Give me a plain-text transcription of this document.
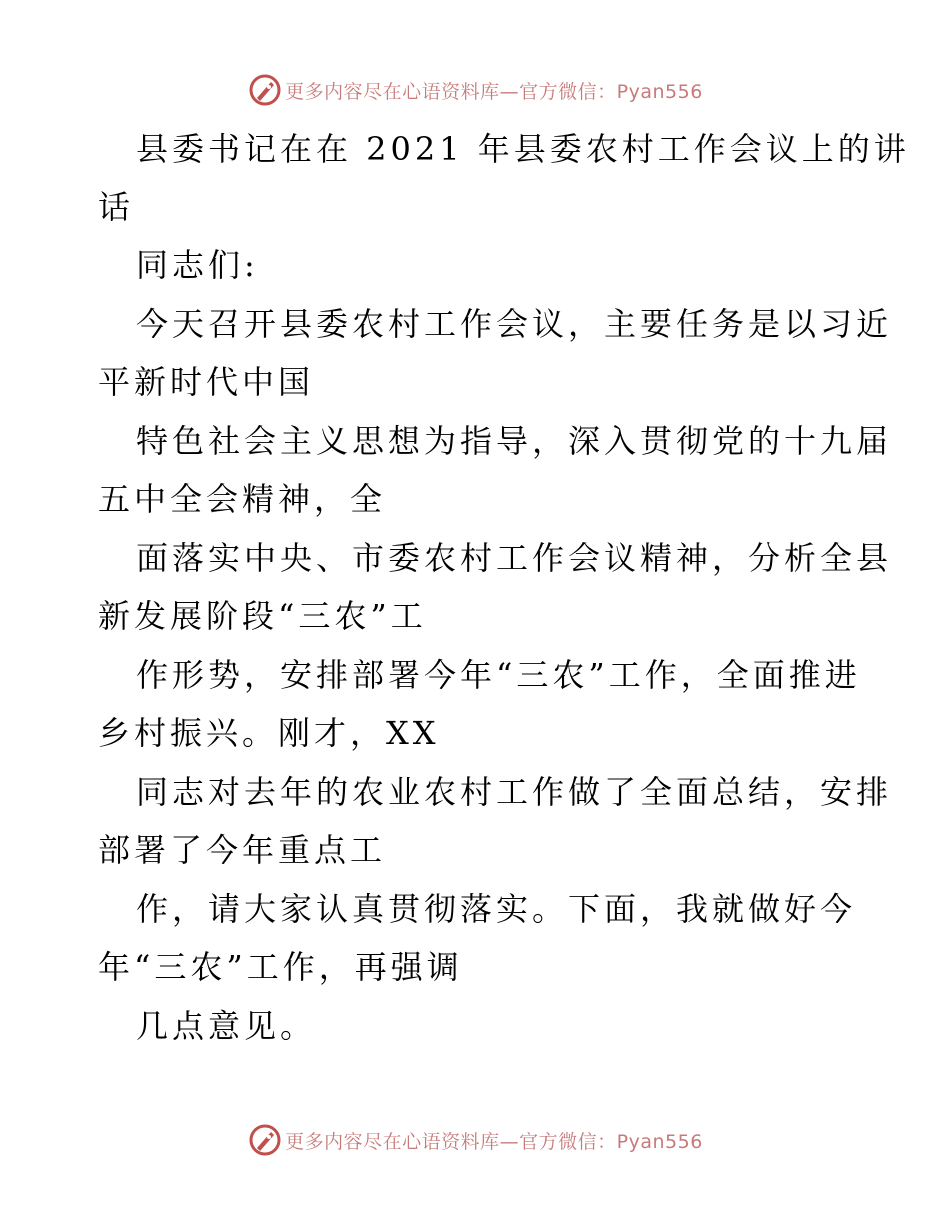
更多内容尽在心语资料库—官方微信：Pyan556
县委书记在在 2021 年县委农村工作会议上的讲
话
同志们:
今天召开县委农村工作会议，主要任务是以习近
平新时代中国
特色社会主义思想为指导，深入贯彻党的十九届
五中全会精神，全
面落实中央、市委农村工作会议精神，分析全县
新发展阶段“三农”工
作形势，安排部署今年“三农”工作，全面推进
乡村振兴。刚才，XX
同志对去年的农业农村工作做了全面总结，安排
部署了今年重点工
作，请大家认真贯彻落实。下面，我就做好今
年“三农”工作，再强调
几点意见。
更多内容尽在心语资料库—官方微信：Pyan556
